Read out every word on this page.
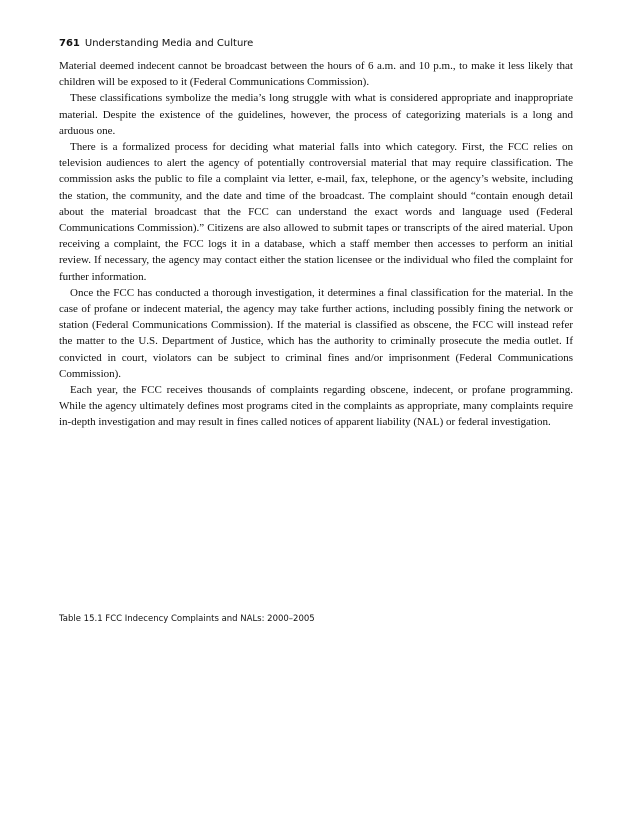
761 Understanding Media and Culture

Material deemed indecent cannot be broadcast between the hours of 6 a.m. and 10 p.m., to make it less likely that children will be exposed to it (Federal Communications Commission).

These classifications symbolize the media’s long struggle with what is considered appropriate and inappropriate material. Despite the existence of the guidelines, however, the process of categorizing materials is a long and arduous one.

There is a formalized process for deciding what material falls into which category. First, the FCC relies on television audiences to alert the agency of potentially controversial material that may require classification. The commission asks the public to file a complaint via letter, e-mail, fax, telephone, or the agency’s website, including the station, the community, and the date and time of the broadcast. The complaint should “contain enough detail about the material broadcast that the FCC can understand the exact words and language used (Federal Communications Commission).” Citizens are also allowed to submit tapes or transcripts of the aired material. Upon receiving a complaint, the FCC logs it in a database, which a staff member then accesses to perform an initial review. If necessary, the agency may contact either the station licensee or the individual who filed the complaint for further information.

Once the FCC has conducted a thorough investigation, it determines a final classification for the material. In the case of profane or indecent material, the agency may take further actions, including possibly fining the network or station (Federal Communications Commission). If the material is classified as obscene, the FCC will instead refer the matter to the U.S. Department of Justice, which has the authority to criminally prosecute the media outlet. If convicted in court, violators can be subject to criminal fines and/or imprisonment (Federal Communications Commission).

Each year, the FCC receives thousands of complaints regarding obscene, indecent, or profane programming. While the agency ultimately defines most programs cited in the complaints as appropriate, many complaints require in-depth investigation and may result in fines called notices of apparent liability (NAL) or federal investigation.

Table 15.1 FCC Indecency Complaints and NALs: 2000–2005
